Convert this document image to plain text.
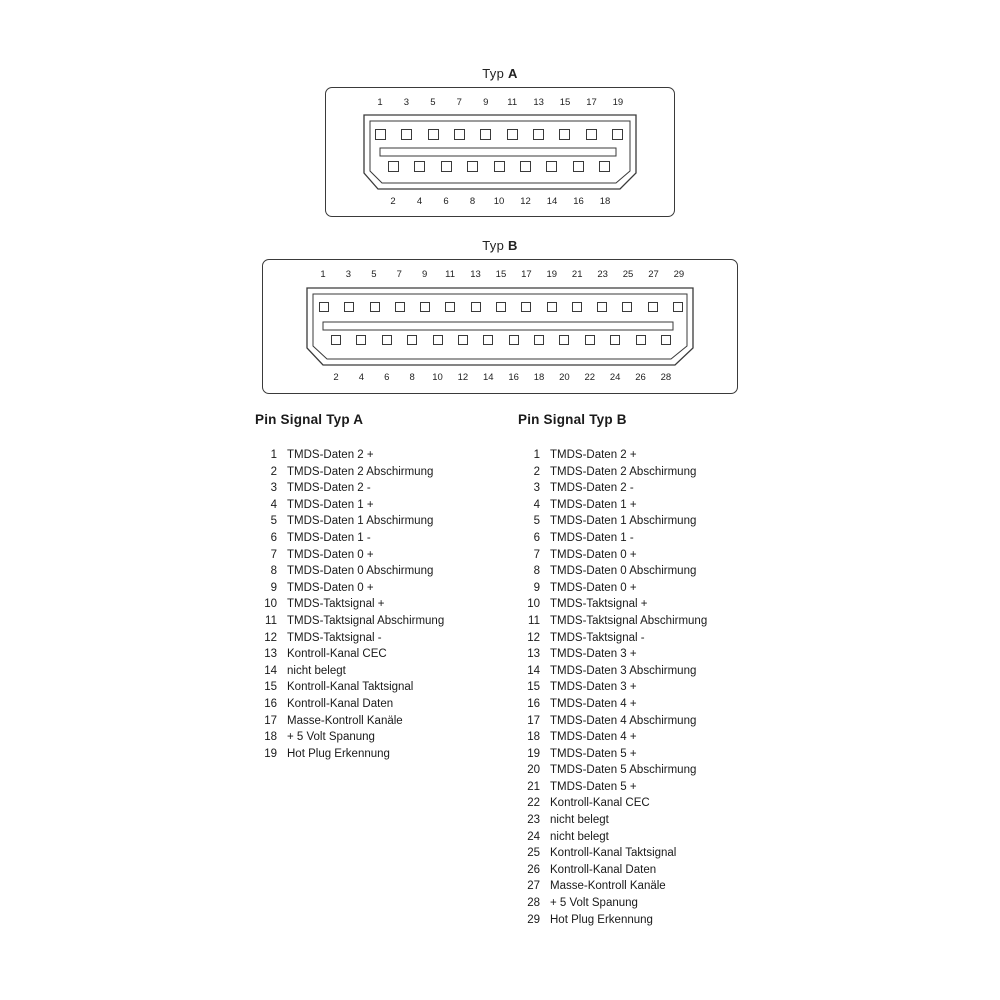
Typ A
1	3	5	7	9	11 13 15 17 19
2	4	6	8	10 12 14 16 18
Typ B
1	3	5	7	9	11 13 15 17 19 21 23 25 27 29
2	4	6	8	10 12 14 16 18 20 22 24 26 28
Pin Signal Typ A
1 TMDS-Daten 2 +
2 TMDS-Daten 2 Abschirmung
3 TMDS-Daten 2 -
4 TMDS-Daten 1 +
5 TMDS-Daten 1 Abschirmung
6 TMDS-Daten 1 -
7 TMDS-Daten 0 +
8 TMDS-Daten 0 Abschirmung
9 TMDS-Daten 0 +
10 TMDS-Taktsignal +
11 TMDS-Taktsignal Abschirmung
12 TMDS-Taktsignal -
13 Kontroll-Kanal CEC
14 nicht belegt
15 Kontroll-Kanal Taktsignal
16 Kontroll-Kanal Daten
17 Masse-Kontroll Kanäle
18 + 5 Volt Spanung
19 Hot Plug Erkennung
Pin Signal Typ B
1 TMDS-Daten 2 +
2 TMDS-Daten 2 Abschirmung
3 TMDS-Daten 2 -
4 TMDS-Daten 1 +
5 TMDS-Daten 1 Abschirmung
6 TMDS-Daten 1 -
7 TMDS-Daten 0 +
8 TMDS-Daten 0 Abschirmung
9 TMDS-Daten 0 +
10 TMDS-Taktsignal +
11 TMDS-Taktsignal Abschirmung
12 TMDS-Taktsignal -
13 TMDS-Daten 3 +
14 TMDS-Daten 3 Abschirmung
15 TMDS-Daten 3 +
16 TMDS-Daten 4 +
17 TMDS-Daten 4 Abschirmung
18 TMDS-Daten 4 +
19 TMDS-Daten 5 +
20 TMDS-Daten 5 Abschirmung
21 TMDS-Daten 5 +
22 Kontroll-Kanal CEC
23 nicht belegt
24 nicht belegt
25 Kontroll-Kanal Taktsignal
26 Kontroll-Kanal Daten
27 Masse-Kontroll Kanäle
28 + 5 Volt Spanung
29 Hot Plug Erkennung
